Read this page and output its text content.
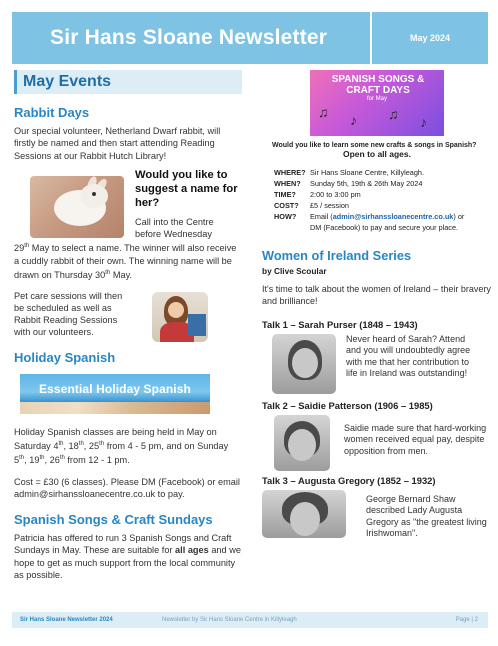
Sir Hans Sloane Newsletter	May 2024
May Events
Rabbit Days
Our special volunteer, Netherland Dwarf rabbit, will firstly be named and then start attending Reading Sessions at our Rabbit Hutch Library!
Would you like to suggest a name for her?
Call into the Centre before Wednesday
29th May to select a name. The winner will also receive a cuddly rabbit of their own. The winning name will be drawn on Thursday 30th May.
Pet care sessions will then be scheduled as well as Rabbit Reading Sessions with our volunteers.
Holiday Spanish
Essential Holiday Spanish
Holiday Spanish classes are being held in May on Saturday 4th, 18th, 25th from 4 - 5 pm, and on Sunday 5th, 19th, 26th from 12 - 1 pm.
Cost = £30 (6 classes). Please DM (Facebook) or email admin@sirhanssloanecentre.co.uk to pay.
Spanish Songs & Craft Sundays
Patricia has offered to run 3 Spanish Songs and Craft Sundays in May. These are suitable for all ages and we hope to get as much support from the local community as possible.
SPANISH SONGS & CRAFT DAYS
for May
♫ ♪ ♫ ♪
Would you like to learn some new crafts & songs in Spanish?
Open to all ages.
WHERE? Sir Hans Sloane Centre, Killyleagh.
WHEN?	Sunday 5th, 19th & 26th May 2024
TIME?	2:00 to 3:00 pm
COST?	£5 / session
HOW?	Email (admin@sirhanssloanecentre.co.uk) or
DM (Facebook) to pay and secure your place.
Women of Ireland Series
by Clive Scoular
It's time to talk about the women of Ireland – their bravery and brilliance!
Talk 1 – Sarah Purser (1848 – 1943)
Never heard of Sarah? Attend and you will undoubtedly agree with me that her contribution to life in Ireland was outstanding!
Talk 2 – Saidie Patterson (1906 – 1985)
Saidie made sure that hard-working women received equal pay, despite opposition from men.
Talk 3 – Augusta Gregory (1852 – 1932)
George Bernard Shaw described Lady Augusta Gregory as "the greatest living Irishwoman".
Sir Hans Sloane Newsletter 2024	Newsletter by Sir Hans Sloane Centre in Killyleagh	Page | 2
